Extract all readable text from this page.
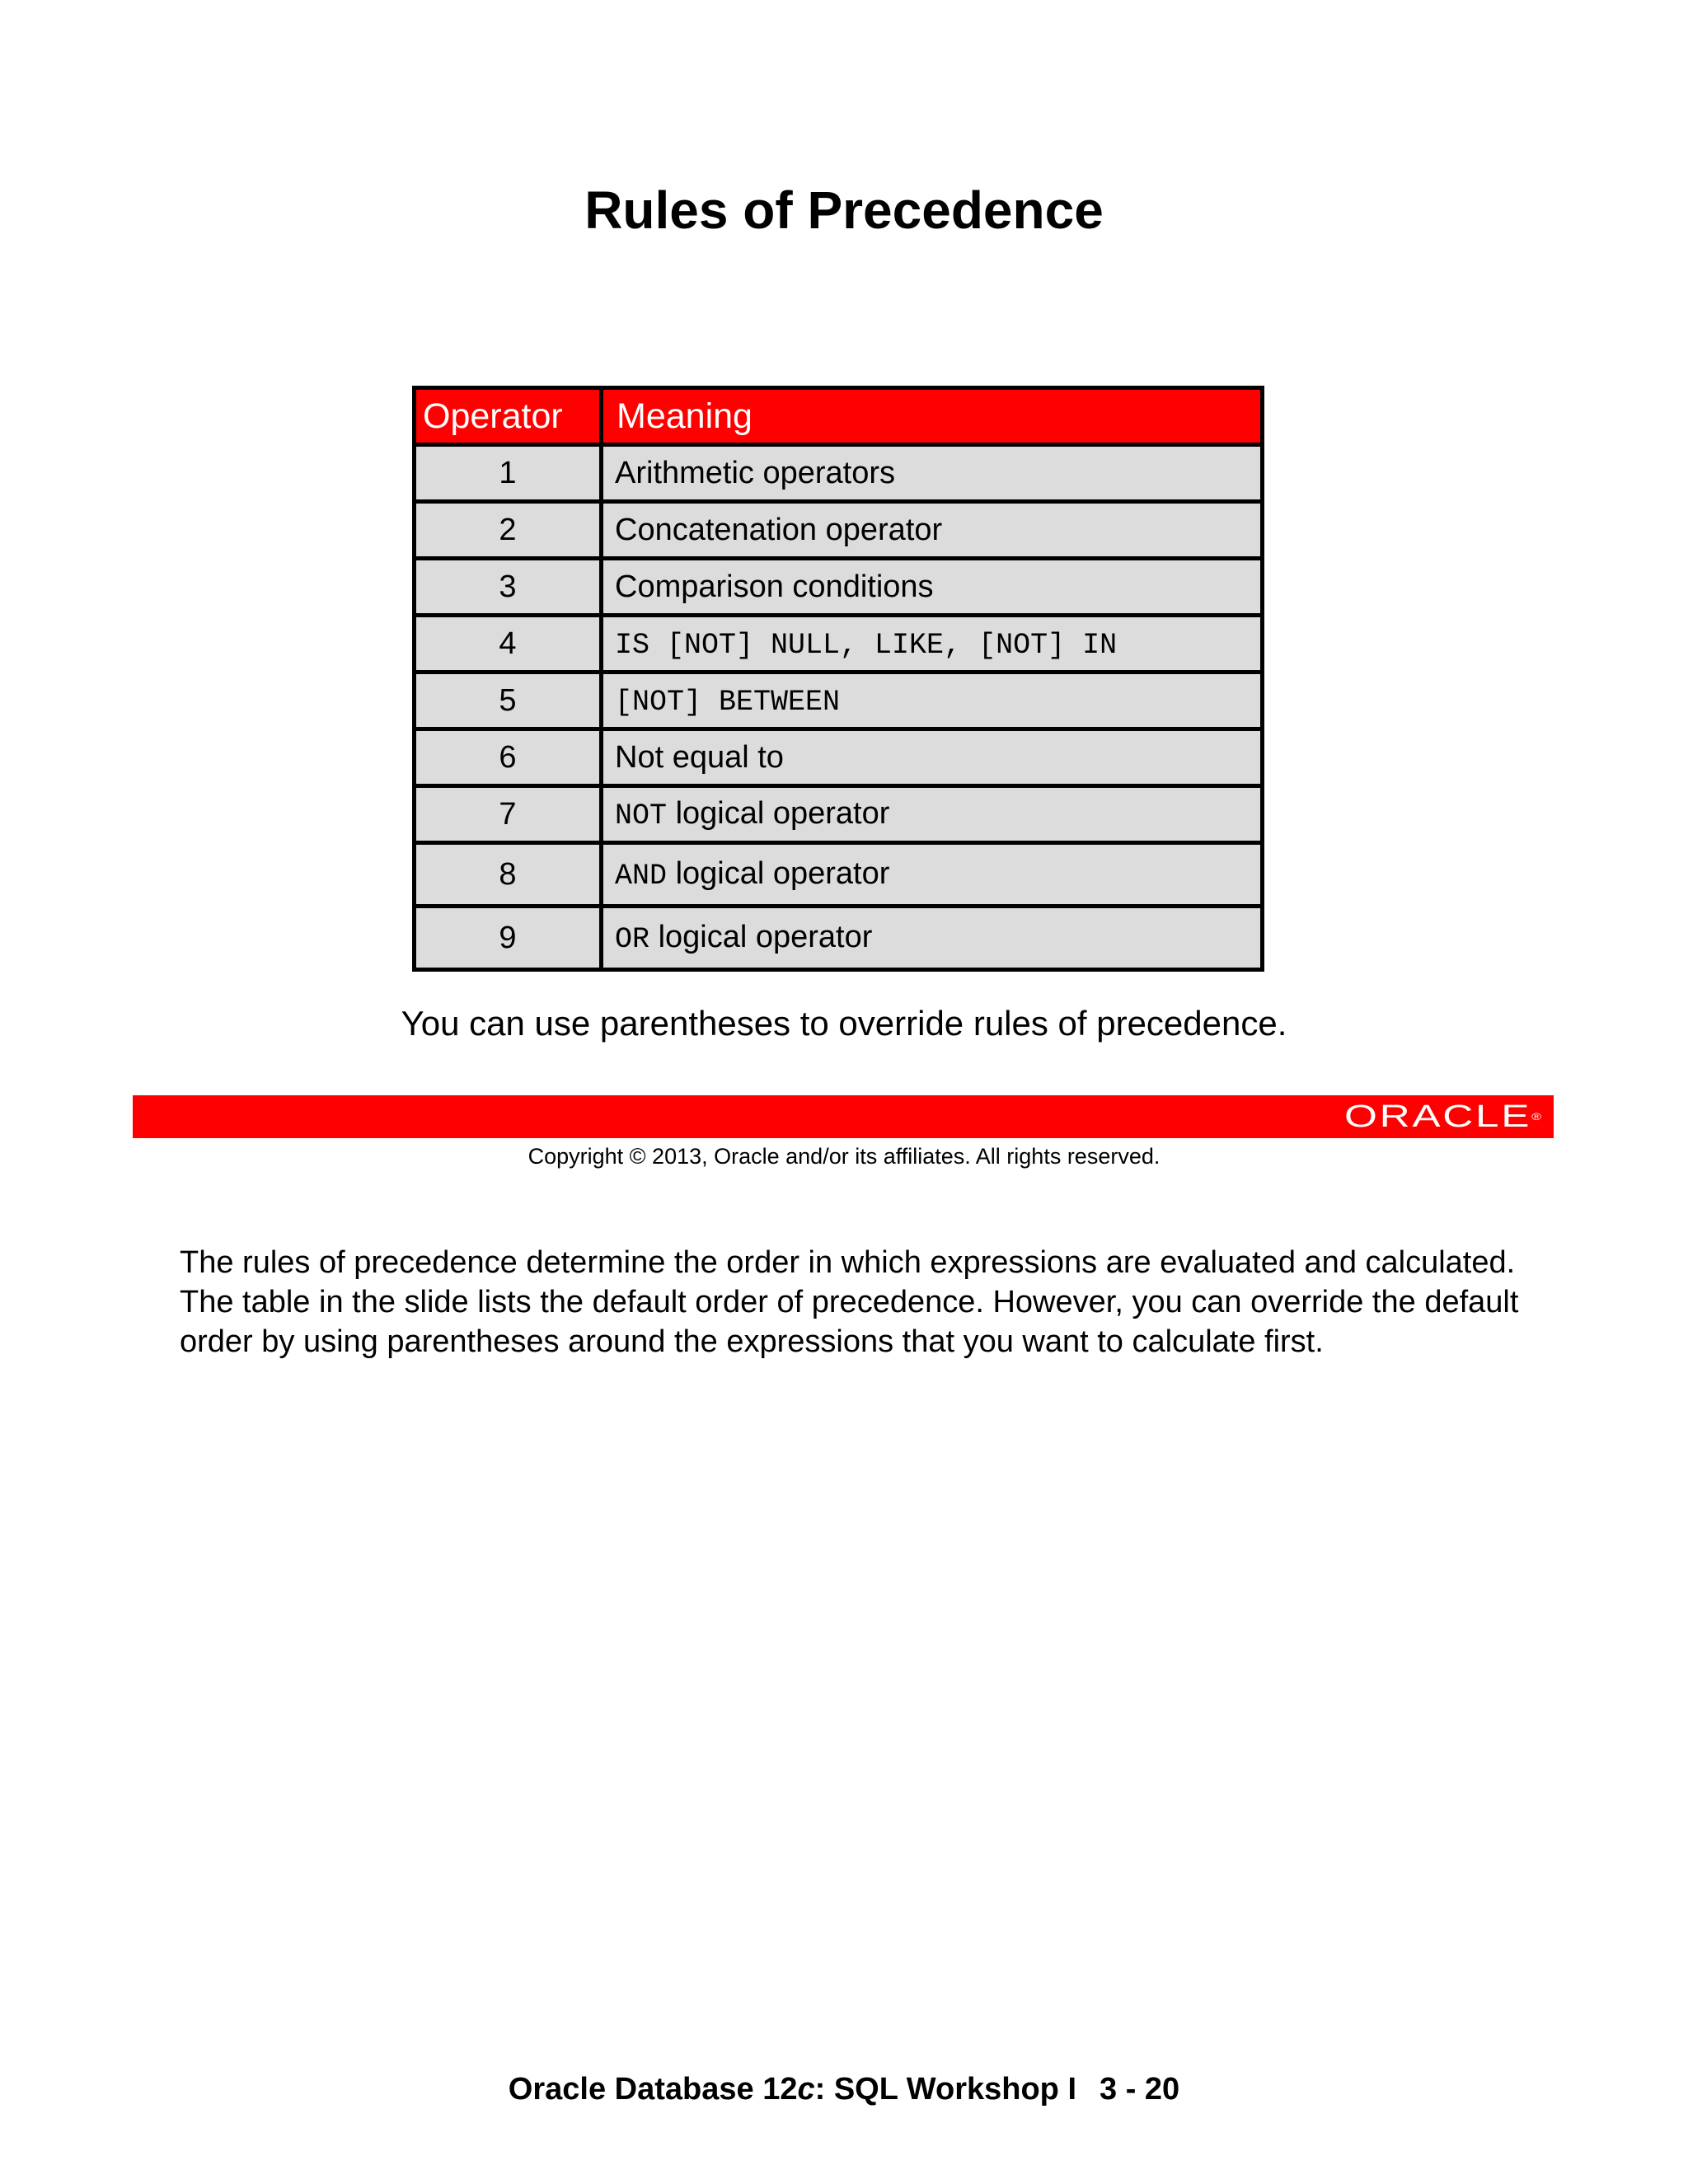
Rules of Precedence
Operator	Meaning
1	Arithmetic operators
2	Concatenation operator
3	Comparison conditions
4	IS [NOT] NULL, LIKE, [NOT] IN
5	[NOT] BETWEEN
6	Not equal to
7	NOT logical operator
8	AND logical operator
9	OR logical operator
You can use parentheses to override rules of precedence.
ORACLE®
Copyright © 2013, Oracle and/or its affiliates. All rights reserved.

The rules of precedence determine the order in which expressions are evaluated and calculated. The table in the slide lists the default order of precedence. However, you can override the default order by using parentheses around the expressions that you want to calculate first.

Oracle Database 12c: SQL Workshop I 3 - 20
